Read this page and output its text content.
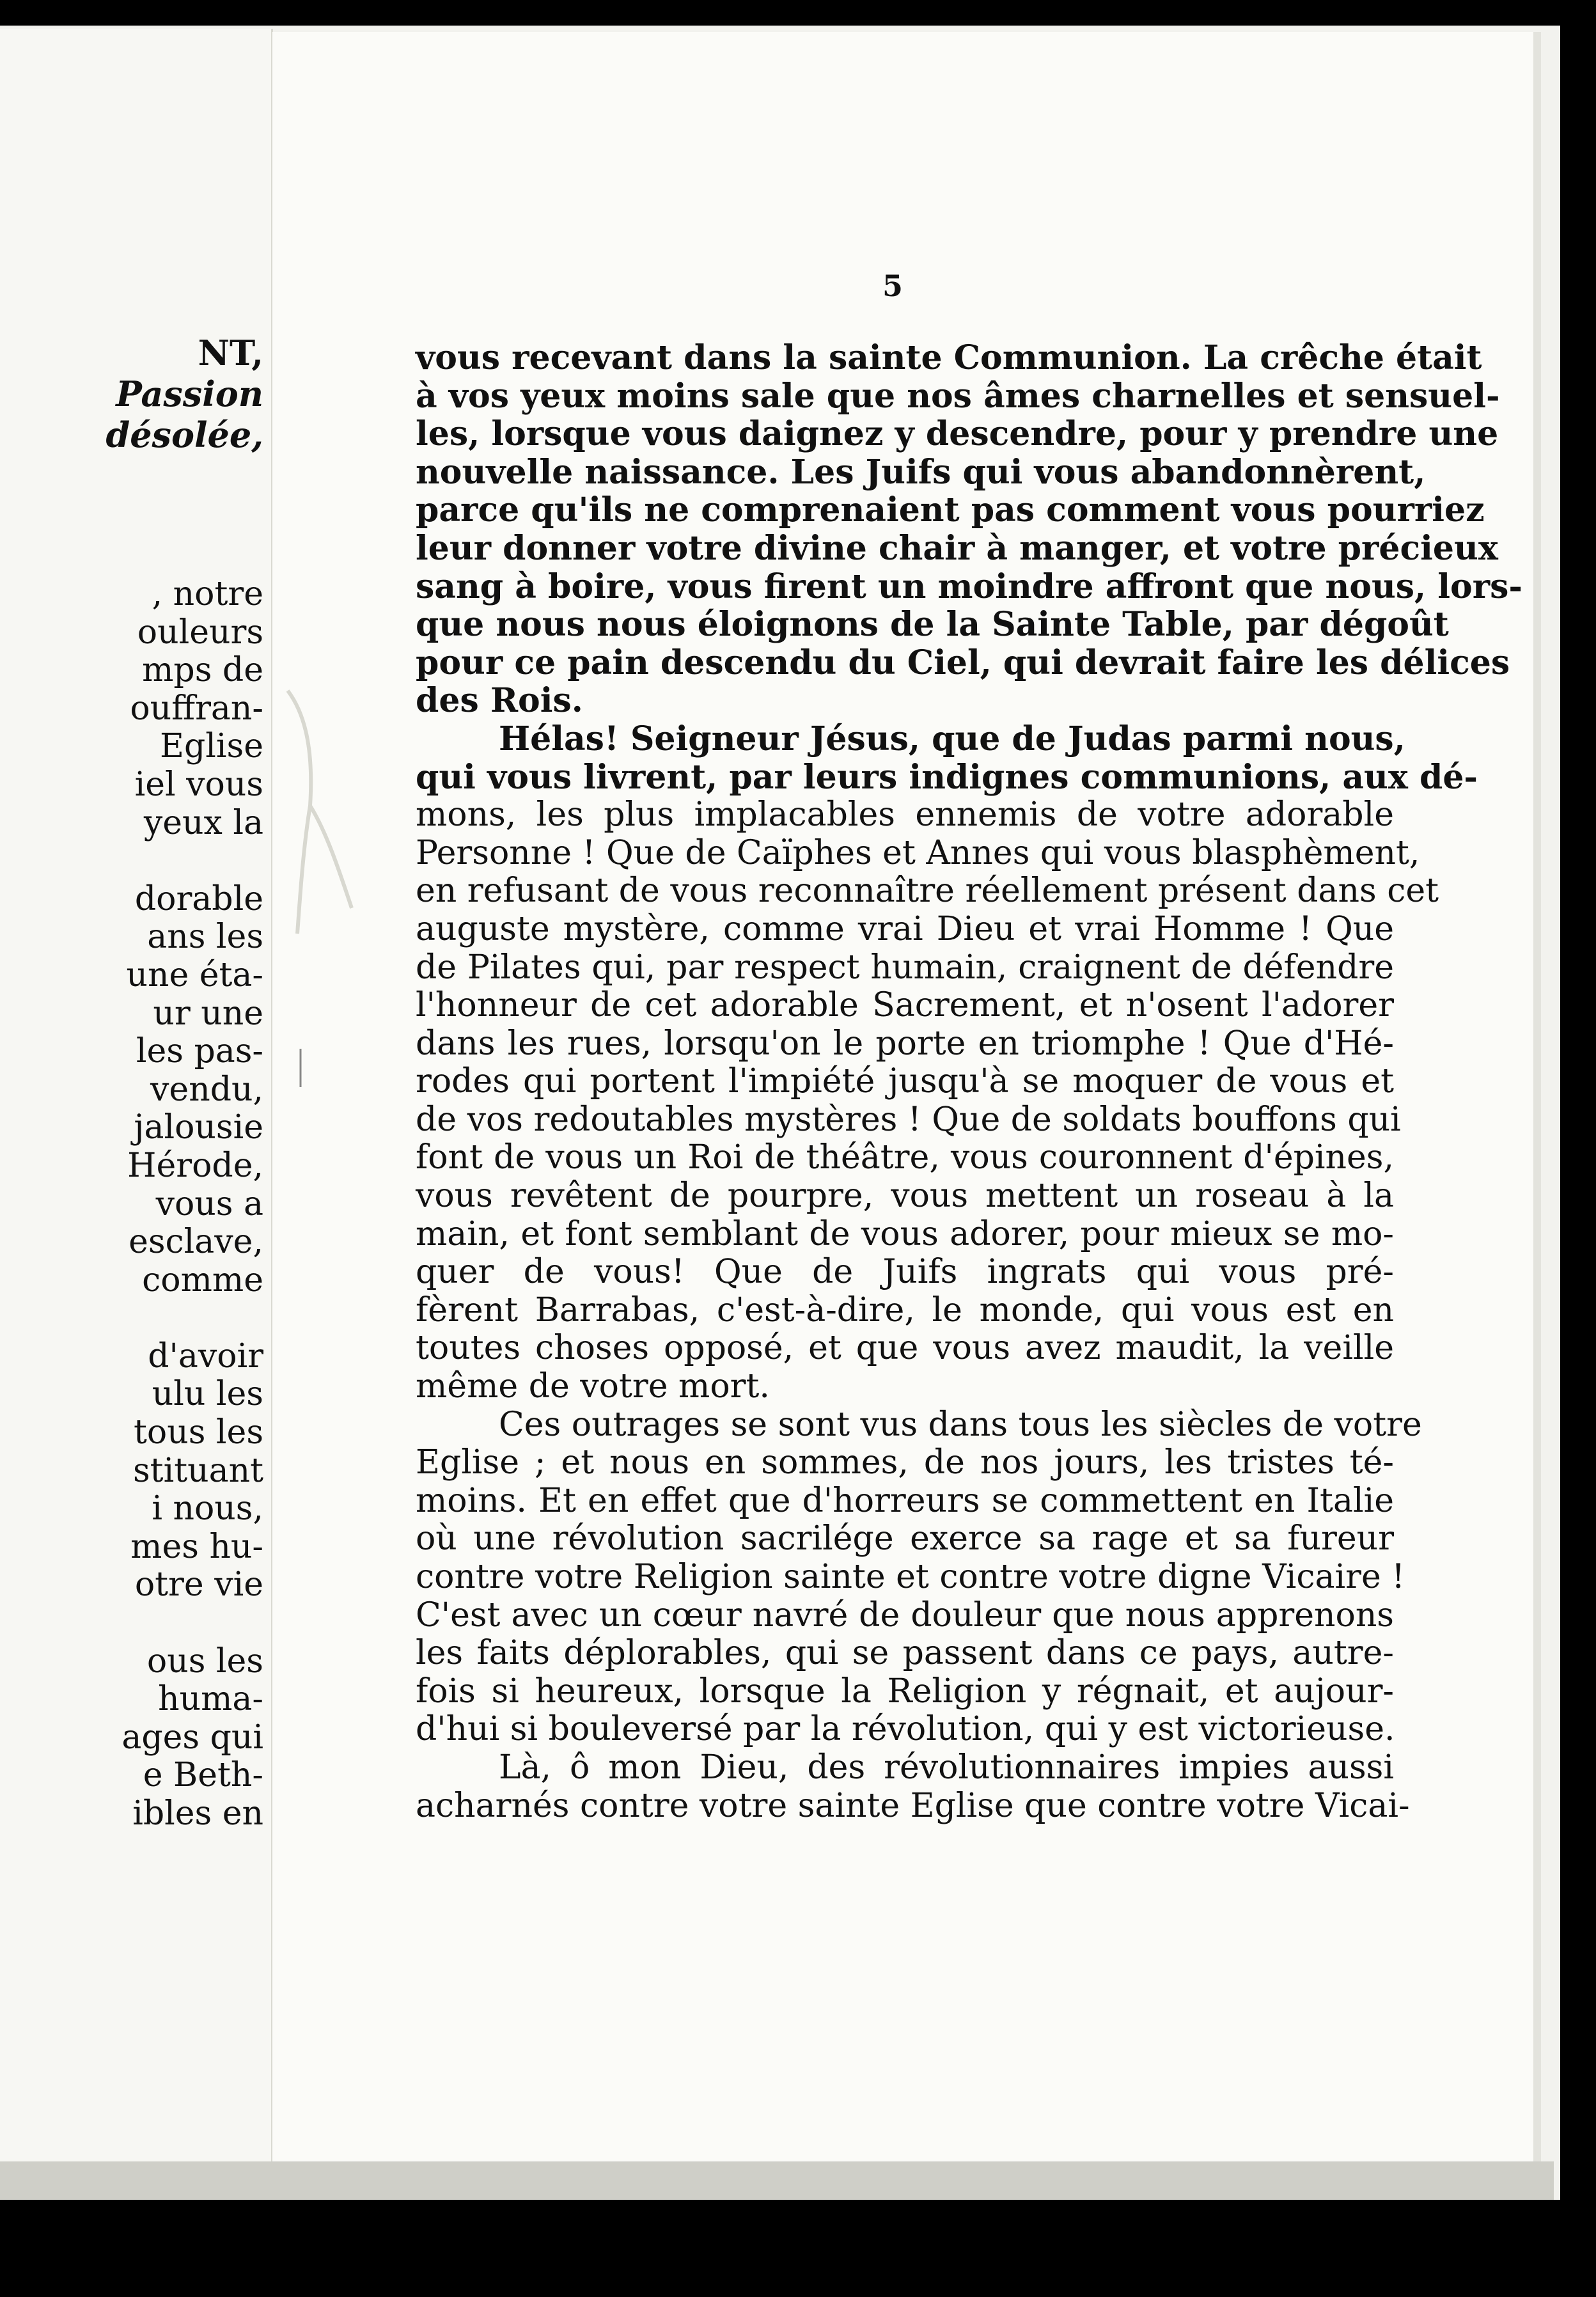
NT,
Passion
désolée,
, notre
ouleurs
mps de
ouffran-
Eglise
iel vous
yeux la
dorable
ans les
une éta-
ur une
les pas-
vendu,
jalousie
Hérode,
vous a
esclave,
comme
d'avoir
ulu les
tous les
stituant
i nous,
mes hu-
otre vie
ous les
huma-
ages qui
e Beth-
ibles en
5
vous recevant dans la sainte Communion. La crêche était
à vos yeux moins sale que nos âmes charnelles et sensuel-
les, lorsque vous daignez y descendre, pour y prendre une
nouvelle naissance. Les Juifs qui vous abandonnèrent,
parce qu'ils ne comprenaient pas comment vous pourriez
leur donner votre divine chair à manger, et votre précieux
sang à boire, vous firent un moindre affront que nous, lors-
que nous nous éloignons de la Sainte Table, par dégoût
pour ce pain descendu du Ciel, qui devrait faire les délices
des Rois.
Hélas! Seigneur Jésus, que de Judas parmi nous,
qui vous livrent, par leurs indignes communions, aux dé-
mons, les plus implacables ennemis de votre adorable
Personne ! Que de Caïphes et Annes qui vous blasphèment,
en refusant de vous reconnaître réellement présent dans cet
auguste mystère, comme vrai Dieu et vrai Homme ! Que
de Pilates qui, par respect humain, craignent de défendre
l'honneur de cet adorable Sacrement, et n'osent l'adorer
dans les rues, lorsqu'on le porte en triomphe ! Que d'Hé-
rodes qui portent l'impiété jusqu'à se moquer de vous et
de vos redoutables mystères ! Que de soldats bouffons qui
font de vous un Roi de théâtre, vous couronnent d'épines,
vous revêtent de pourpre, vous mettent un roseau à la
main, et font semblant de vous adorer, pour mieux se mo-
quer de vous! Que de Juifs ingrats qui vous pré-
fèrent Barrabas, c'est-à-dire, le monde, qui vous est en
toutes choses opposé, et que vous avez maudit, la veille
même de votre mort.
Ces outrages se sont vus dans tous les siècles de votre
Eglise ; et nous en sommes, de nos jours, les tristes té-
moins. Et en effet que d'horreurs se commettent en Italie
où une révolution sacrilége exerce sa rage et sa fureur
contre votre Religion sainte et contre votre digne Vicaire !
C'est avec un cœur navré de douleur que nous apprenons
les faits déplorables, qui se passent dans ce pays, autre-
fois si heureux, lorsque la Religion y régnait, et aujour-
d'hui si bouleversé par la révolution, qui y est victorieuse.
Là, ô mon Dieu, des révolutionnaires impies aussi
acharnés contre votre sainte Eglise que contre votre Vicai-
